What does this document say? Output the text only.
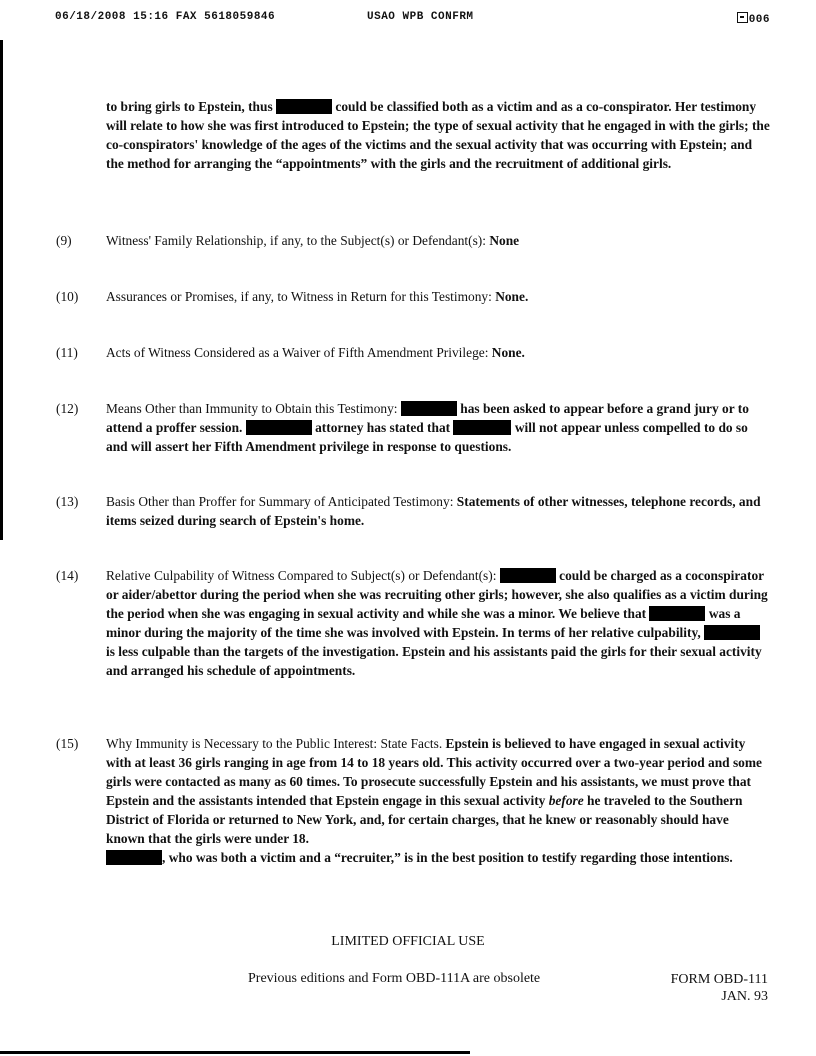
06/18/2008 15:16 FAX 5618059846	USAO WPB CONFRM	006

to bring girls to Epstein, thus	could be classified both as a victim and as a co-conspirator. Her testimony will relate to how she was first introduced to Epstein; the type of sexual activity that he engaged in with the girls; the co-conspirators' knowledge of the ages of the victims and the sexual activity that was occurring with Epstein; and the method for arranging the “appointments” with the girls and the recruitment of additional girls.

(9)	Witness' Family Relationship, if any, to the Subject(s) or Defendant(s): None

(10) Assurances or Promises, if any, to Witness in Return for this Testimony: None.

(11) Acts of Witness Considered as a Waiver of Fifth Amendment Privilege: None.

(12) Means Other than Immunity to Obtain this Testimony:	has been asked to appear before a grand jury or to attend a proffer session.	attorney has stated that	will not appear unless compelled to do so and will assert her Fifth Amendment privilege in response to questions.

(13) Basis Other than Proffer for Summary of Anticipated Testimony: Statements of other witnesses, telephone records, and items seized during search of Epstein's home.

(14) Relative Culpability of Witness Compared to Subject(s) or Defendant(s):	could be charged as a coconspirator or aider/abettor during the period when she was recruiting other girls; however, she also qualifies as a victim during the period when she was engaging in sexual activity and while she was a minor. We believe that	was a minor during the majority of the time she was involved with Epstein. In terms of her relative culpability,  is less culpable than the targets of the investigation. Epstein and his assistants paid the girls for their sexual activity and arranged his schedule of appointments.

(15) Why Immunity is Necessary to the Public Interest: State Facts. Epstein is believed to have engaged in sexual activity with at least 36 girls ranging in age from 14 to 18 years old. This activity occurred over a two-year period and some girls were contacted as many as 60 times. To prosecute successfully Epstein and his assistants, we must prove that Epstein and the assistants intended that Epstein engage in this sexual activity before he traveled to the Southern District of Florida or returned to New York, and, for certain charges, that he knew or reasonably should have known that the girls were under 18.
, who was both a victim and a “recruiter,” is in the best position to testify regarding those intentions.

LIMITED OFFICIAL USE
Previous editions and Form OBD-111A are obsolete	FORM OBD-111
JAN. 93
